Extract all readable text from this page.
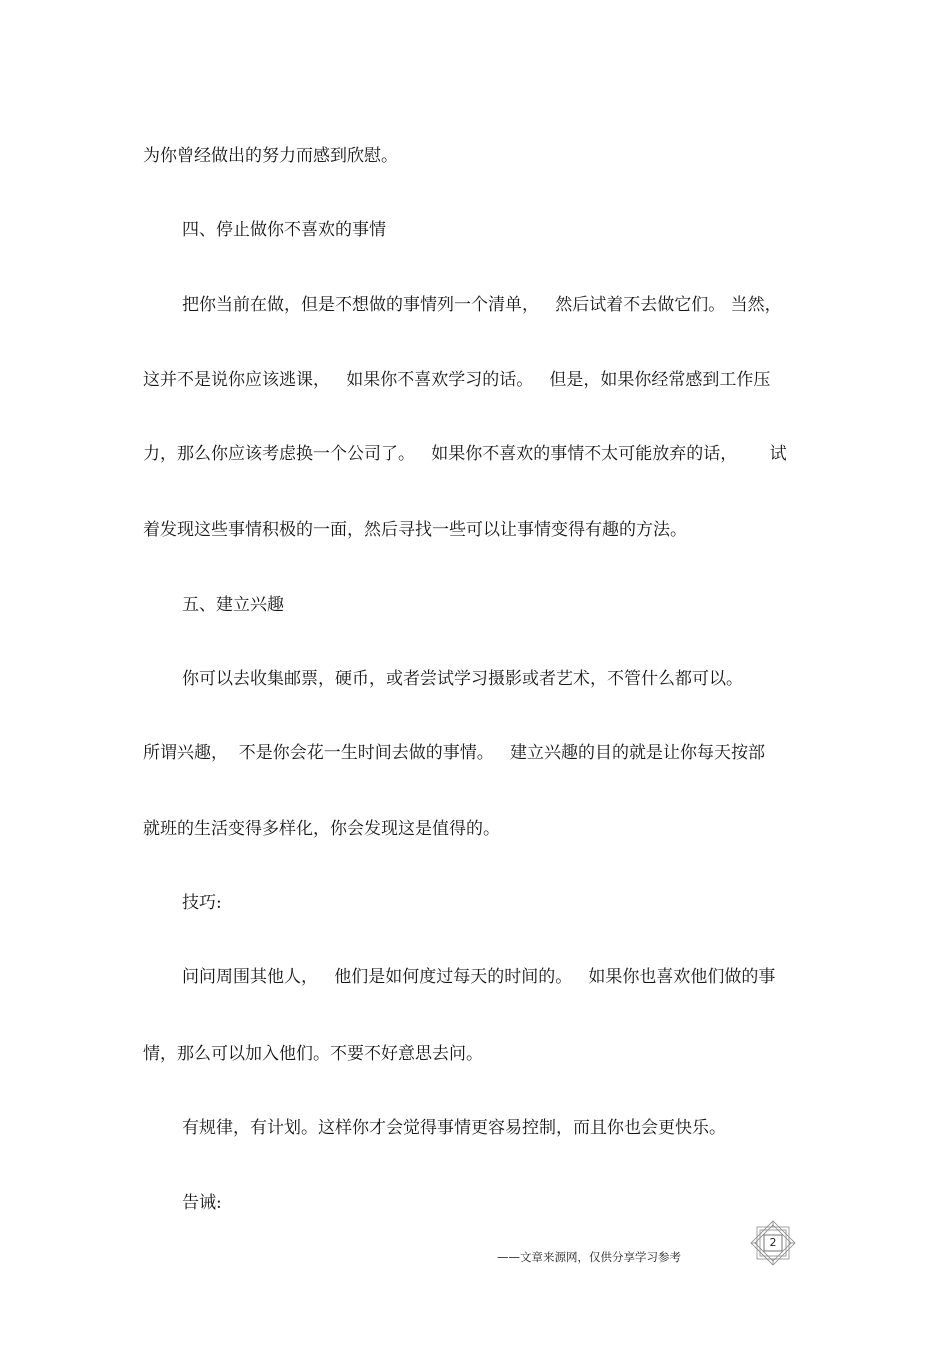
为你曾经做出的努力而感到欣慰。
四、停止做你不喜欢的事情
把你当前在做，但是不想做的事情列一个清单，   然后试着不去做它们。 当然，
这并不是说你应该逃课，   如果你不喜欢学习的话。   但是，如果你经常感到工作压
力，那么你应该考虑换一个公司了。   如果你不喜欢的事情不太可能放弃的话，      试
着发现这些事情积极的一面，然后寻找一些可以让事情变得有趣的方法。
五、建立兴趣
你可以去收集邮票，硬币，或者尝试学习摄影或者艺术，不管什么都可以。
所谓兴趣，  不是你会花一生时间去做的事情。   建立兴趣的目的就是让你每天按部
就班的生活变得多样化，你会发现这是值得的。
技巧:
问问周围其他人，   他们是如何度过每天的时间的。   如果你也喜欢他们做的事
情，那么可以加入他们。不要不好意思去问。
有规律，有计划。这样你才会觉得事情更容易控制，而且你也会更快乐。
告诫:
2
——文章来源网，仅供分享学习参考
